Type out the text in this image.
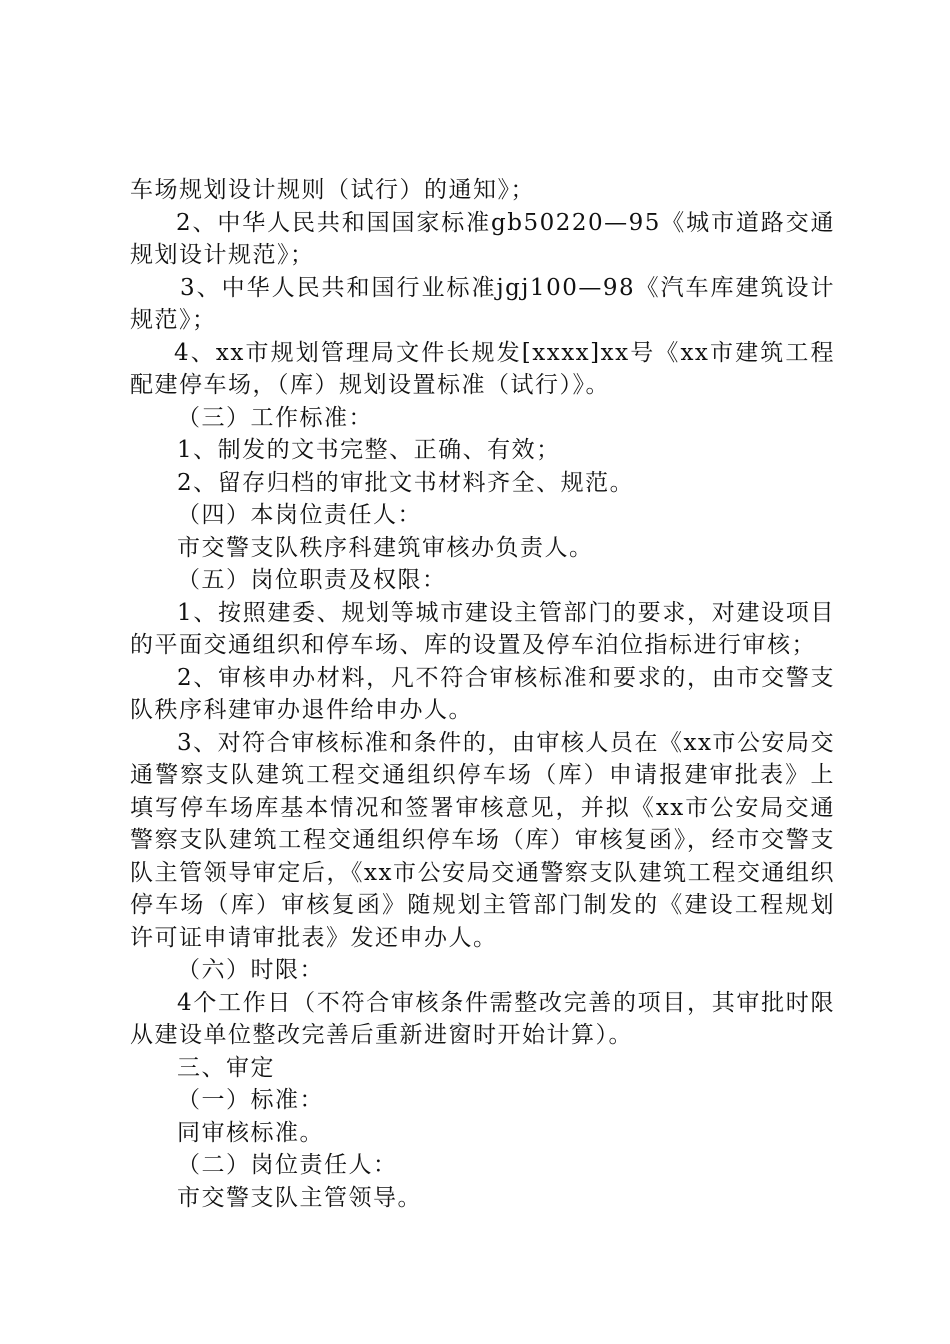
车场规划设计规则（试行）的通知》；

2、中华人民共和国国家标准gb50220—95《城市道路交通规划设计规范》；

3、中华人民共和国行业标准jgj100—98《汽车库建筑设计规范》；

4、xx市规划管理局文件长规发[xxxx]xx号《xx市建筑工程配建停车场，（库）规划设置标准（试行）》。

（三）工作标准：

1、制发的文书完整、正确、有效；

2、留存归档的审批文书材料齐全、规范。

（四）本岗位责任人：

市交警支队秩序科建筑审核办负责人。

（五）岗位职责及权限：

1、按照建委、规划等城市建设主管部门的要求，对建设项目的平面交通组织和停车场、库的设置及停车泊位指标进行审核；

2、审核申办材料，凡不符合审核标准和要求的，由市交警支队秩序科建审办退件给申办人。

3、对符合审核标准和条件的，由审核人员在《xx市公安局交通警察支队建筑工程交通组织停车场（库）申请报建审批表》上填写停车场库基本情况和签署审核意见，并拟《xx市公安局交通警察支队建筑工程交通组织停车场（库）审核复函》，经市交警支队主管领导审定后，《xx市公安局交通警察支队建筑工程交通组织停车场（库）审核复函》随规划主管部门制发的《建设工程规划许可证申请审批表》发还申办人。

（六）时限：

4个工作日（不符合审核条件需整改完善的项目，其审批时限从建设单位整改完善后重新进窗时开始计算）。

三、审定

（一）标准：

同审核标准。

（二）岗位责任人：

市交警支队主管领导。
